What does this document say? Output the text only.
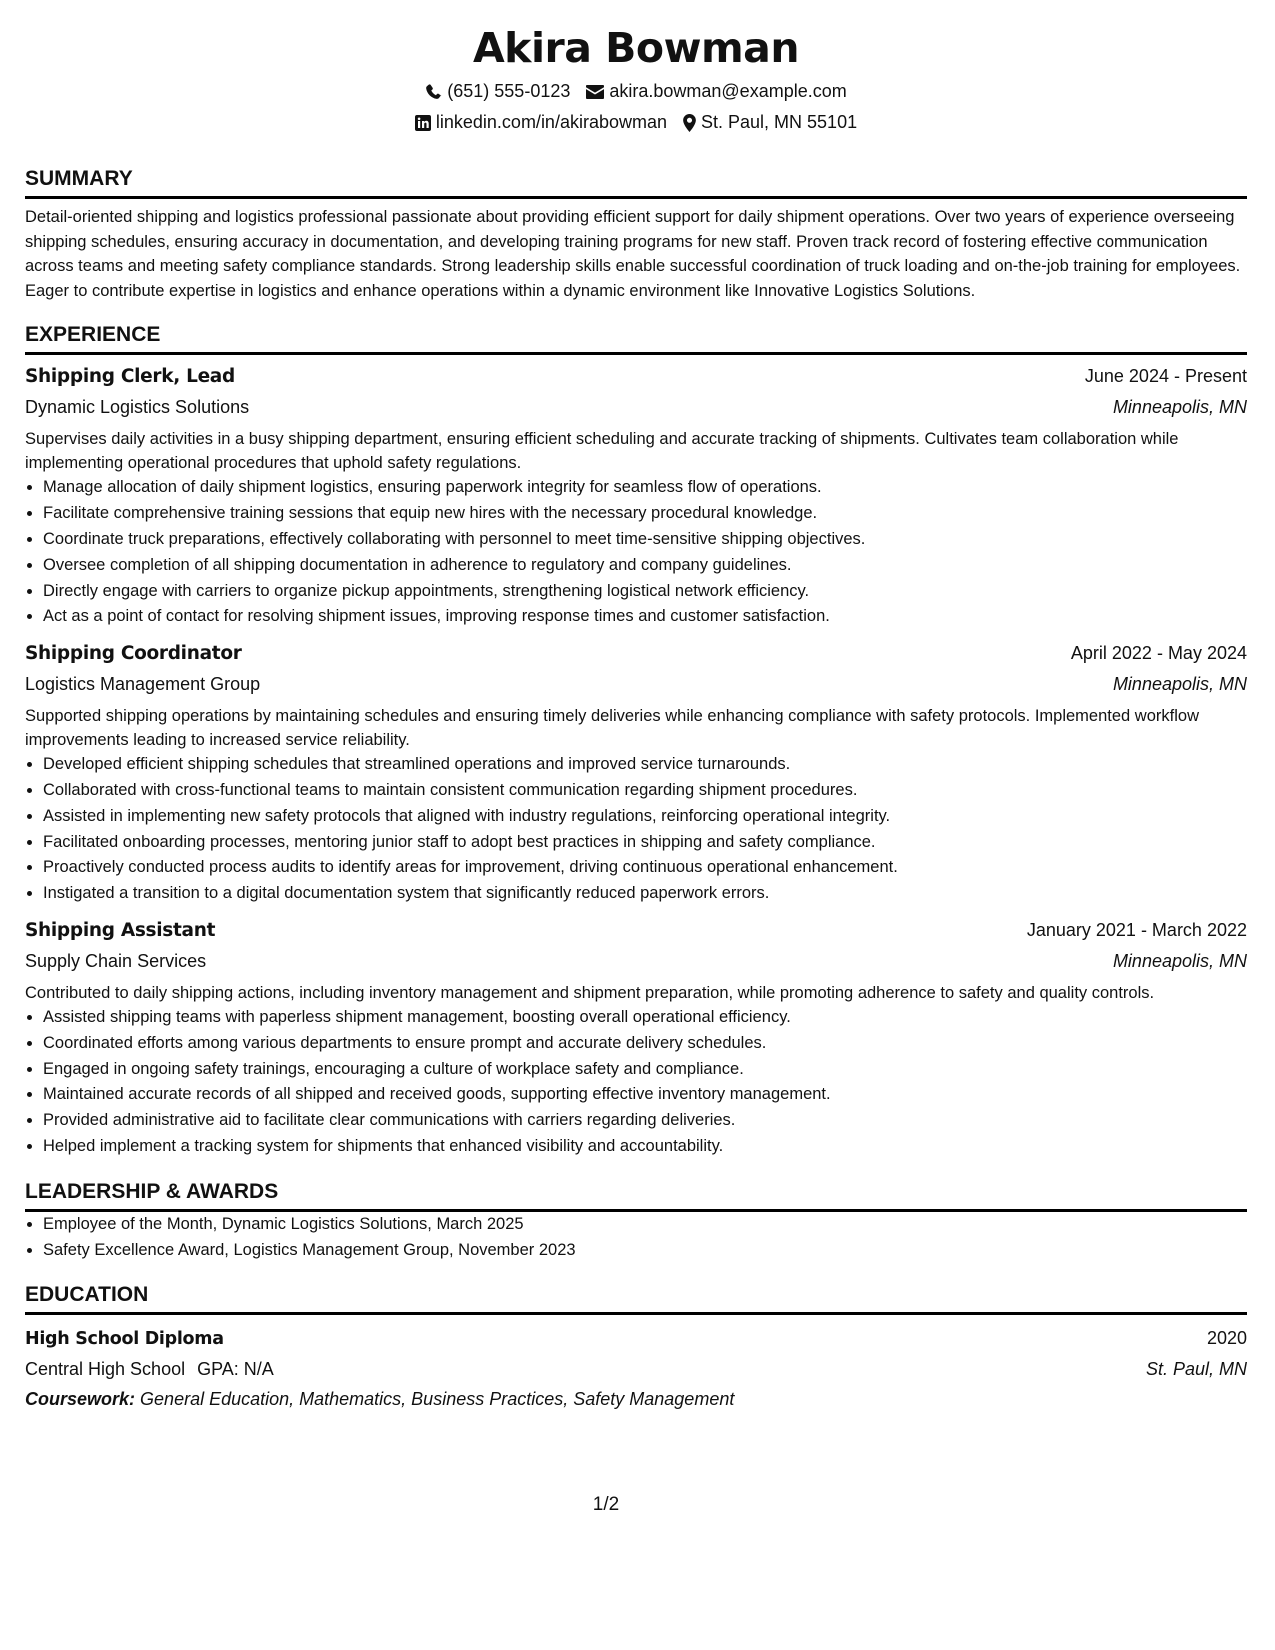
Akira Bowman
(651) 555-0123 akira.bowman@example.com
linkedin.com/in/akirabowman St. Paul, MN 55101
SUMMARY

Detail-oriented shipping and logistics professional passionate about providing efficient support for daily shipment operations. Over two years of experience overseeing shipping schedules, ensuring accuracy in documentation, and developing training programs for new staff. Proven track record of fostering effective communication across teams and meeting safety compliance standards. Strong leadership skills enable successful coordination of truck loading and on-the-job training for employees. Eager to contribute expertise in logistics and enhance operations within a dynamic environment like Innovative Logistics Solutions.

EXPERIENCE
Shipping Clerk, Lead	June 2024 - Present
Dynamic Logistics Solutions	Minneapolis, MN

Supervises daily activities in a busy shipping department, ensuring efficient scheduling and accurate tracking of shipments. Cultivates team collaboration while implementing operational procedures that uphold safety regulations.

• Manage allocation of daily shipment logistics, ensuring paperwork integrity for seamless flow of operations.
• Facilitate comprehensive training sessions that equip new hires with the necessary procedural knowledge.
• Coordinate truck preparations, effectively collaborating with personnel to meet time-sensitive shipping objectives.
• Oversee completion of all shipping documentation in adherence to regulatory and company guidelines.
• Directly engage with carriers to organize pickup appointments, strengthening logistical network efficiency.
• Act as a point of contact for resolving shipment issues, improving response times and customer satisfaction.
Shipping Coordinator	April 2022 - May 2024
Logistics Management Group	Minneapolis, MN

Supported shipping operations by maintaining schedules and ensuring timely deliveries while enhancing compliance with safety protocols. Implemented workflow improvements leading to increased service reliability.

• Developed efficient shipping schedules that streamlined operations and improved service turnarounds.
• Collaborated with cross-functional teams to maintain consistent communication regarding shipment procedures.
• Assisted in implementing new safety protocols that aligned with industry regulations, reinforcing operational integrity.
• Facilitated onboarding processes, mentoring junior staff to adopt best practices in shipping and safety compliance.
• Proactively conducted process audits to identify areas for improvement, driving continuous operational enhancement.
• Instigated a transition to a digital documentation system that significantly reduced paperwork errors.
Shipping Assistant	January 2021 - March 2022
Supply Chain Services	Minneapolis, MN

Contributed to daily shipping actions, including inventory management and shipment preparation, while promoting adherence to safety and quality controls.

• Assisted shipping teams with paperless shipment management, boosting overall operational efficiency.
• Coordinated efforts among various departments to ensure prompt and accurate delivery schedules.
• Engaged in ongoing safety trainings, encouraging a culture of workplace safety and compliance.
• Maintained accurate records of all shipped and received goods, supporting effective inventory management.
• Provided administrative aid to facilitate clear communications with carriers regarding deliveries.
• Helped implement a tracking system for shipments that enhanced visibility and accountability.
LEADERSHIP & AWARDS
• Employee of the Month, Dynamic Logistics Solutions, March 2025
• Safety Excellence Award, Logistics Management Group, November 2023
EDUCATION
High School Diploma	2020
Central High School GPA: N/A	St. Paul, MN
Coursework: General Education, Mathematics, Business Practices, Safety Management
1/2
